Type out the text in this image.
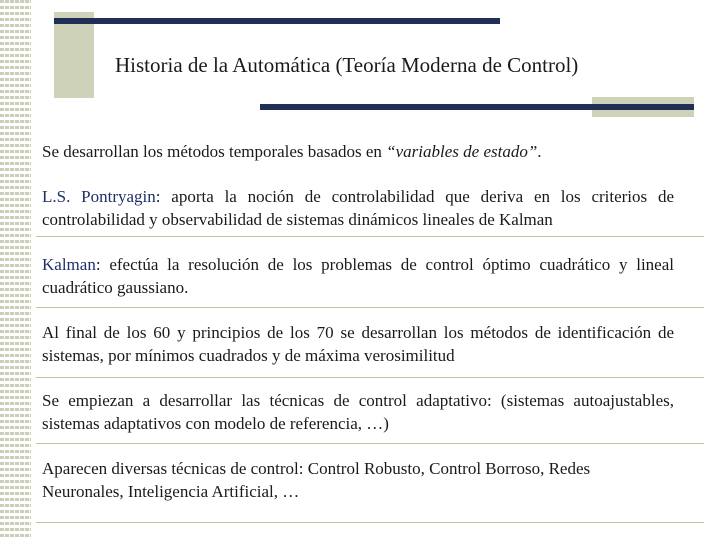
Historia de la Automática (Teoría Moderna de Control)

Se desarrollan los métodos temporales basados en “variables de estado”.

L.S. Pontryagin: aporta la noción de controlabilidad que deriva en los criterios de controlabilidad y observabilidad de sistemas dinámicos lineales de Kalman

Kalman: efectúa la resolución de los problemas de control óptimo cuadrático y lineal cuadrático gaussiano.

Al final de los 60 y principios de los 70 se desarrollan los métodos de identificación de sistemas, por mínimos cuadrados y de máxima verosimilitud

Se empiezan a desarrollar las técnicas de control adaptativo: (sistemas autoajustables, sistemas adaptativos con modelo de referencia, …)

Aparecen diversas técnicas de control: Control Robusto, Control Borroso, Redes Neuronales, Inteligencia Artificial, …
